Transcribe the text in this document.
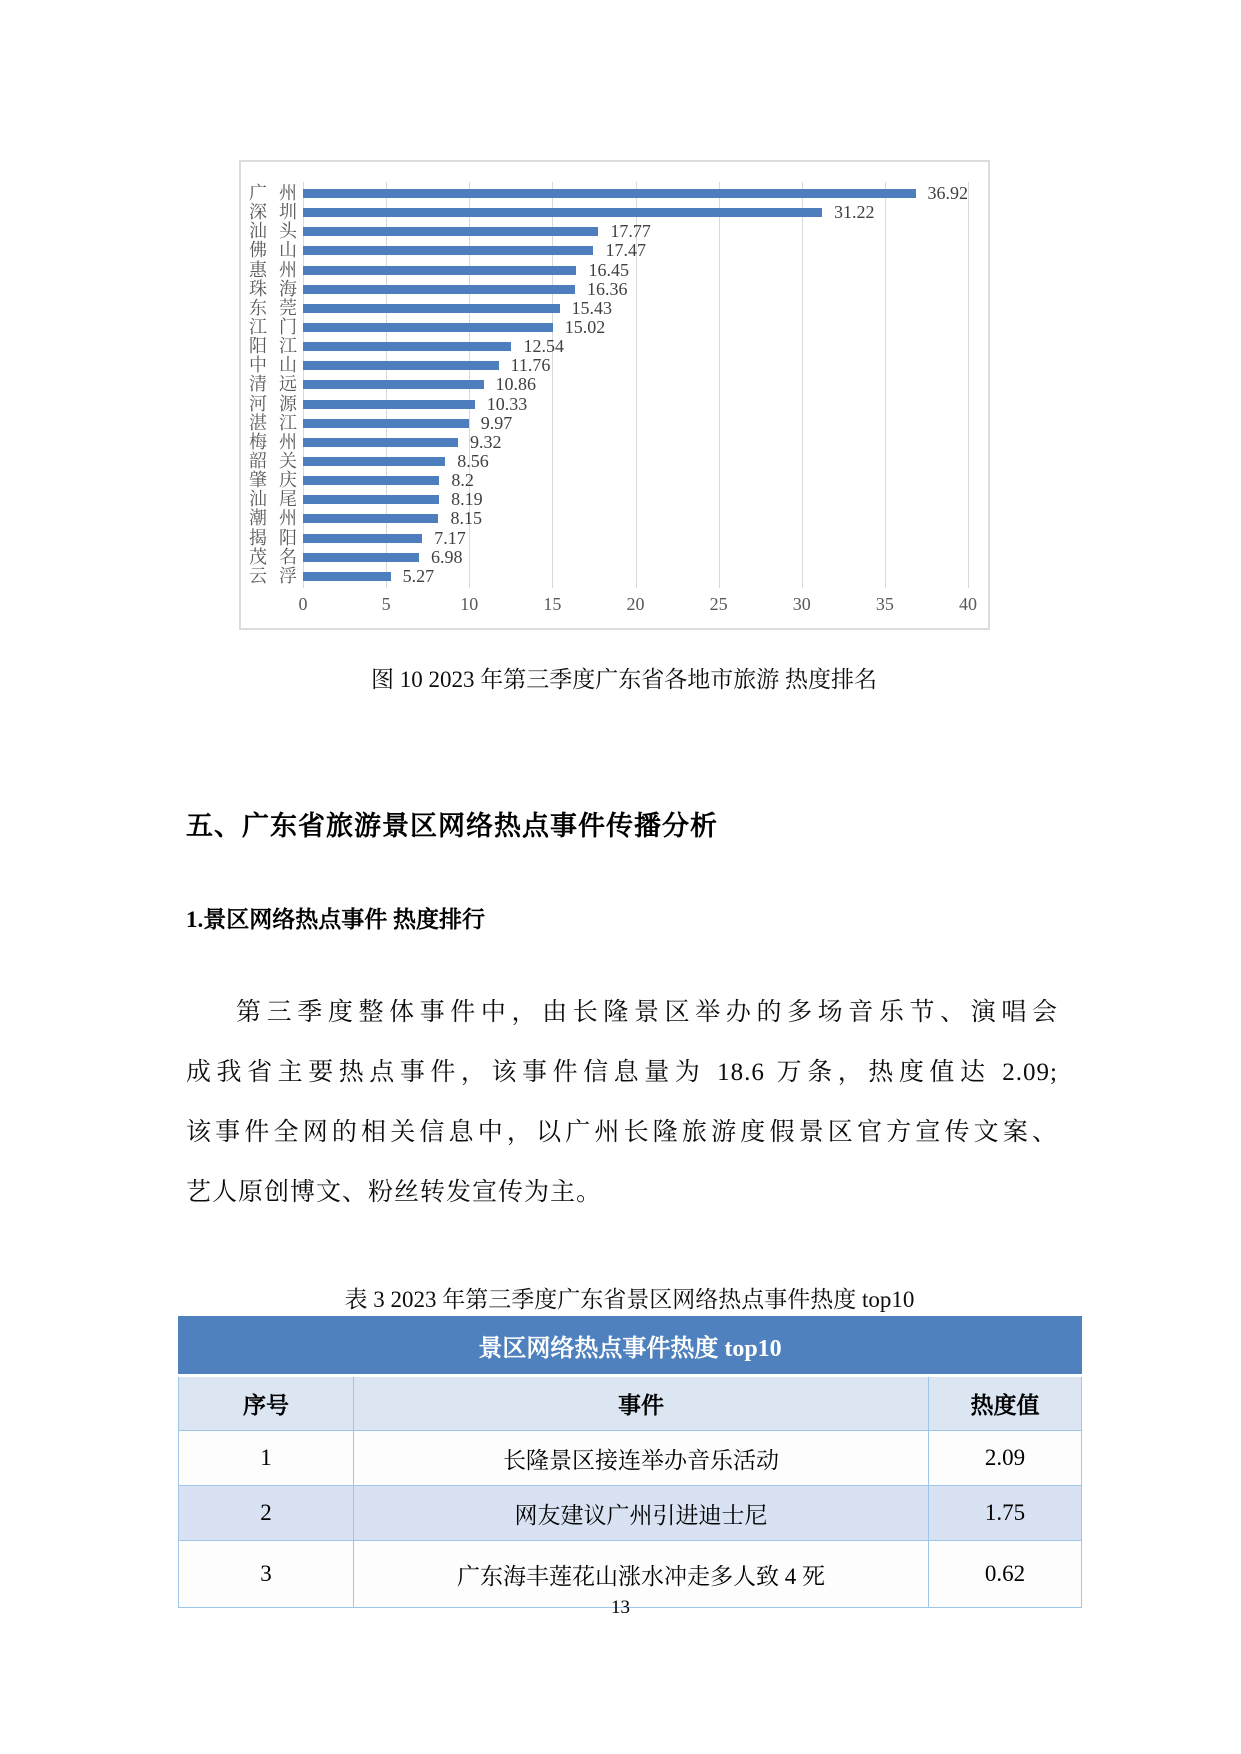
广州	36.92
深圳	31.22
汕头	17.77
佛山	17.47
惠州	16.45
珠海	16.36
东莞	15.43
江门	15.02
阳江	12.54
中山	11.76
清远	10.86
河源	10.33
湛江	9.97
梅州	9.32
韶关	8.56
肇庆	8.2
汕尾	8.19
潮州	8.15
揭阳	7.17
茂名	6.98
云浮	5.27
0	5	10	15	20	25	30	35	40
图 10 2023 年第三季度广东省各地市旅游 热度排名
五、广东省旅游景区网络热点事件传播分析
1.景区网络热点事件 热度排行
第三季度整体事件中，由长隆景区举办的多场音乐节、演唱会
成我省主要热点事件，该事件信息量为 18.6 万条，热度值达 2.09;
该事件全网的相关信息中，以广州长隆旅游度假景区官方宣传文案、
艺人原创博文、粉丝转发宣传为主。
表 3 2023 年第三季度广东省景区网络热点事件热度 top10
景区网络热点事件热度 top10		
序号	事件	热度值
1	长隆景区接连举办音乐活动	2.09
2	网友建议广州引进迪士尼	1.75
3	广东海丰莲花山涨水冲走多人致 4 死	0.62
13
